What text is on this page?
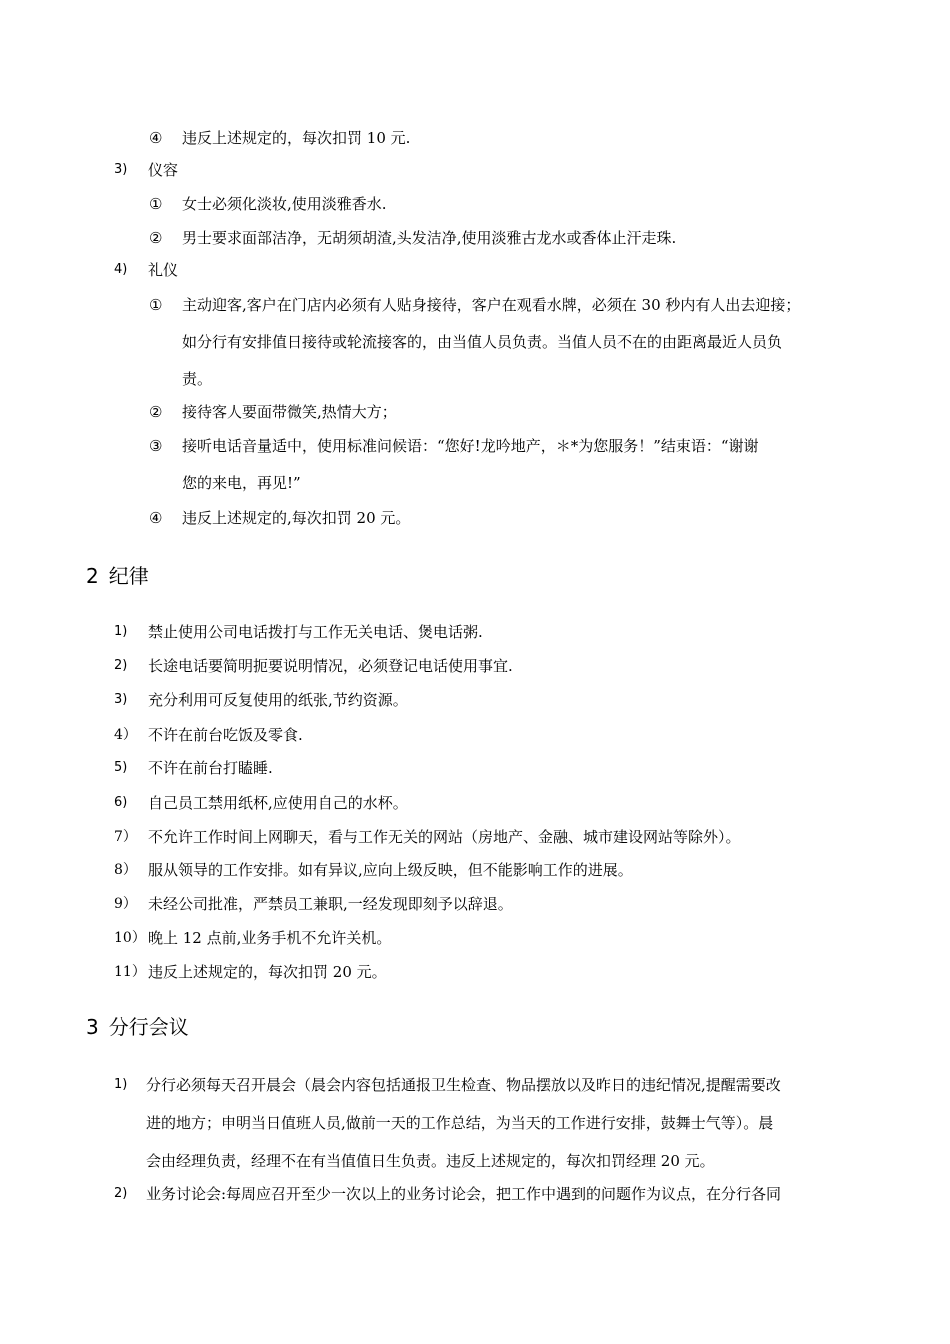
④ 违反上述规定的，每次扣罚 10 元.
3) 仪容
① 女士必须化淡妆,使用淡雅香水.
② 男士要求面部洁净，无胡须胡渣,头发洁净,使用淡雅古龙水或香体止汗走珠.
4) 礼仪
① 主动迎客,客户在门店内必须有人贴身接待，客户在观看水牌，必须在 30 秒内有人出去迎接；
如分行有安排值日接待或轮流接客的，由当值人员负责。当值人员不在的由距离最近人员负
责。
② 接待客人要面带微笑,热情大方；
③ 接听电话音量适中，使用标准问候语：“您好!龙吟地产，＊*为您服务！”结束语：“谢谢
您的来电，再见!”
④ 违反上述规定的,每次扣罚 20 元。
2 纪律
1) 禁止使用公司电话拨打与工作无关电话、煲电话粥.
2) 长途电话要简明扼要说明情况，必须登记电话使用事宜.
3) 充分利用可反复使用的纸张,节约资源。
4） 不许在前台吃饭及零食.
5) 不许在前台打瞌睡.
6) 自己员工禁用纸杯,应使用自己的水杯。
7） 不允许工作时间上网聊天，看与工作无关的网站（房地产、金融、城市建设网站等除外）。
8） 服从领导的工作安排。如有异议,应向上级反映，但不能影响工作的进展。
9） 未经公司批准，严禁员工兼职,一经发现即刻予以辞退。
10） 晚上 12 点前,业务手机不允许关机。
11） 违反上述规定的，每次扣罚 20 元。
3 分行会议
1) 分行必须每天召开晨会（晨会内容包括通报卫生检查、物品摆放以及昨日的违纪情况,提醒需要改
进的地方；申明当日值班人员,做前一天的工作总结，为当天的工作进行安排，鼓舞士气等）。晨
会由经理负责，经理不在有当值值日生负责。违反上述规定的，每次扣罚经理 20 元。
2) 业务讨论会:每周应召开至少一次以上的业务讨论会，把工作中遇到的问题作为议点，在分行各同
